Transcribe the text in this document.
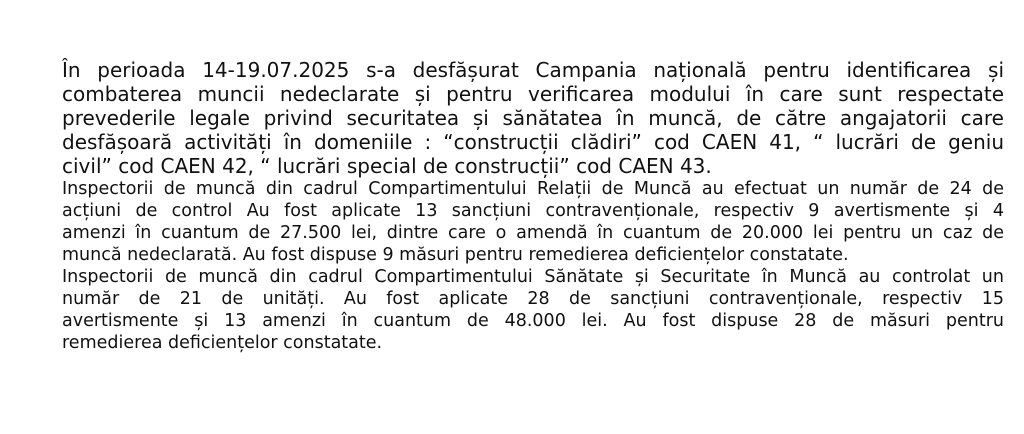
În perioada 14-19.07.2025 s-a desfășurat Campania națională pentru identificarea și
combaterea muncii nedeclarate și pentru verificarea modului în care sunt respectate
prevederile legale privind securitatea și sănătatea în muncă, de către angajatorii care
desfășoară activități în domeniile : “construcții clădiri” cod CAEN 41, “ lucrări de geniu
civil” cod CAEN 42, “ lucrări special de construcții” cod CAEN 43.

Inspectorii de muncă din cadrul Compartimentului Relații de Muncă au efectuat un număr de 24 de
acțiuni de control Au fost aplicate 13 sancțiuni contravenționale, respectiv 9 avertismente și 4
amenzi în cuantum de 27.500 lei, dintre care o amendă în cuantum de 20.000 lei pentru un caz de
muncă nedeclarată. Au fost dispuse 9 măsuri pentru remedierea deficiențelor constatate.

Inspectorii de muncă din cadrul Compartimentului Sănătate și Securitate în Muncă au controlat un
număr de 21 de unități. Au fost aplicate 28 de sancțiuni contravenționale, respectiv 15
avertismente și 13 amenzi în cuantum de 48.000 lei. Au fost dispuse 28 de măsuri pentru
remedierea deficiențelor constatate.
